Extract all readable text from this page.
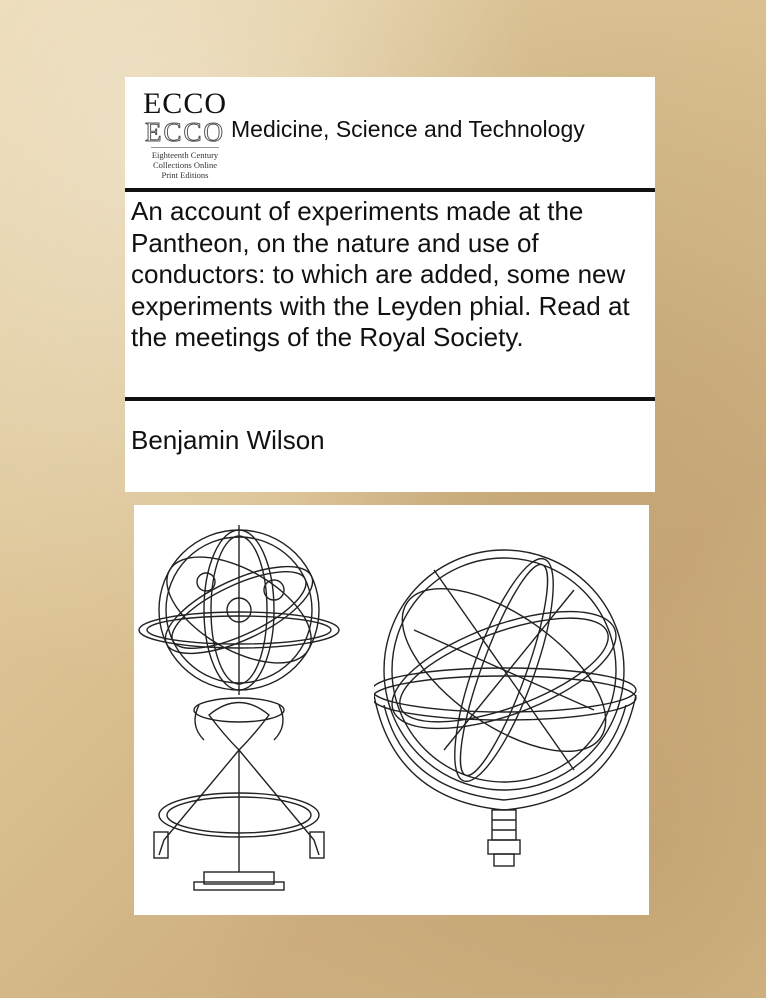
ECCO
ECCO
Eighteenth Century
Collections Online
Print Editions
Medicine, Science and Technology
An account of experiments made at the Pantheon, on the nature and use of conductors: to which are added, some new experiments with the Leyden phial. Read at the meetings of the Royal Society.
Benjamin Wilson
